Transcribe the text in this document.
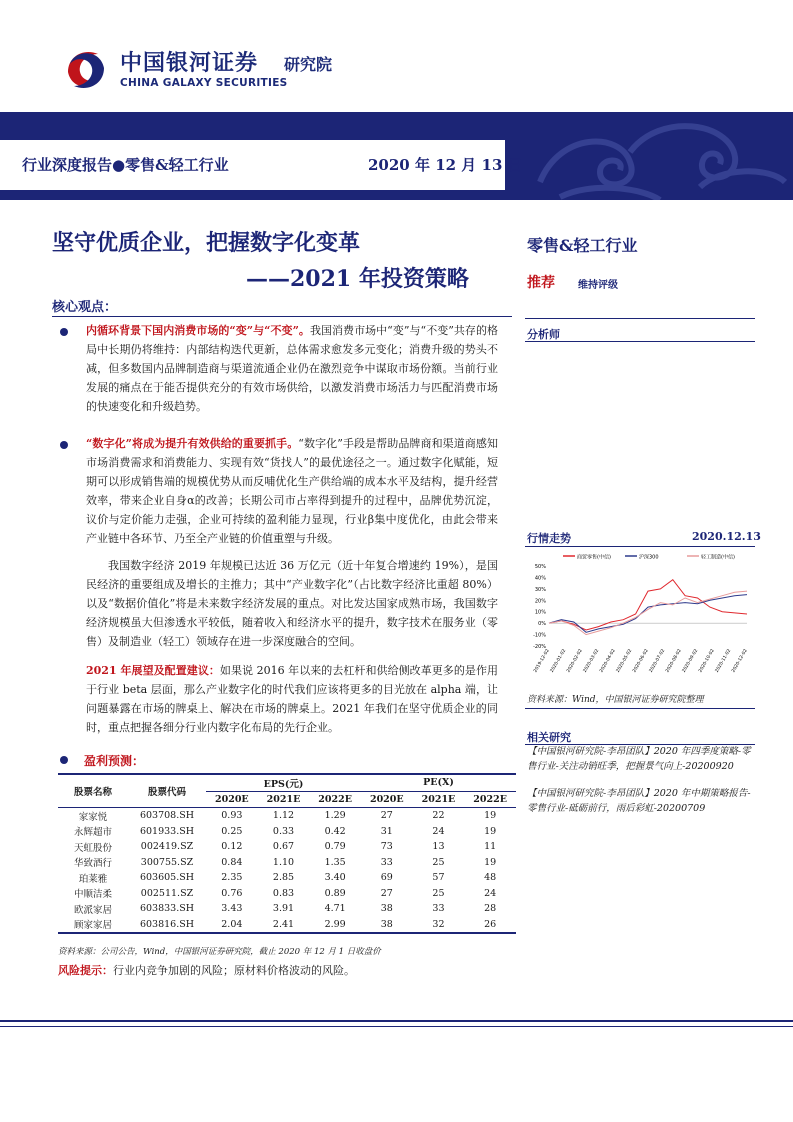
中国银河证券 研究院
CHINA GALAXY SECURITIES
行业深度报告●零售&轻工行业	2020 年 12 月 13 日
坚守优质企业，把握数字化变革
——2021 年投资策略
核心观点：
内循环背景下国内消费市场的“变”与“不变”。我国消费市场中“变”与“不变”共存的格局中长期仍将维持：内部结构迭代更新，总体需求愈发多元变化；消费升级的势头不减，但多数国内品牌制造商与渠道流通企业仍在激烈竞争中谋取市场份额。当前行业发展的痛点在于能否提供充分的有效市场供给，以激发消费市场活力与匹配消费市场的快速变化和升级趋势。
“数字化”将成为提升有效供给的重要抓手。“数字化”手段是帮助品牌商和渠道商感知市场消费需求和消费能力、实现有效“货找人”的最优途径之一。通过数字化赋能，短期可以形成销售端的规模优势从而反哺优化生产供给端的成本水平及结构，提升经营效率，带来企业自身α的改善；长期公司市占率得到提升的过程中，品牌优势沉淀，议价与定价能力走强，企业可持续的盈利能力显现，行业β集中度优化，由此会带来产业链中各环节、乃至全产业链的价值重塑与升级。
我国数字经济 2019 年规模已达近 36 万亿元（近十年复合增速约 19%），是国民经济的重要组成及增长的主推力；其中“产业数字化”（占比数字经济比重超 80%）以及“数据价值化”将是未来数字经济发展的重点。对比发达国家成熟市场，我国数字经济规模虽大但渗透水平较低，随着收入和经济水平的提升，数字技术在服务业（零售）及制造业（轻工）领域存在进一步深度融合的空间。
2021 年展望及配置建议：如果说 2016 年以来的去杠杆和供给侧改革更多的是作用于行业 beta 层面，那么产业数字化的时代我们应该将更多的目光放在 alpha 端，让问题暴露在市场的牌桌上、解决在市场的牌桌上。2021 年我们在坚守优质企业的同时，重点把握各细分行业内数字化布局的先行企业。
盈利预测：
股票名称	股票代码	EPS(元)			PE(X)		
		2020E	2021E	2022E	2020E	2021E	2022E
家家悦	603708.SH	0.93	1.12	1.29	27	22	19
永辉超市	601933.SH	0.25	0.33	0.42	31	24	19
天虹股份	002419.SZ	0.12	0.67	0.79	73	13	11
华致酒行	300755.SZ	0.84	1.10	1.35	33	25	19
珀莱雅	603605.SH	2.35	2.85	3.40	69	57	48
中顺洁柔	002511.SZ	0.76	0.83	0.89	27	25	24
欧派家居	603833.SH	3.43	3.91	4.71	38	33	28
顾家家居	603816.SH	2.04	2.41	2.99	38	32	26
资料来源：公司公告，Wind，中国银河证券研究院，截止 2020 年 12 月 1 日收盘价
风险提示：行业内竞争加剧的风险；原材料价格波动的风险。
零售&轻工行业
推荐 维持评级
分析师
行情走势	2020.12.13
商贸零售(中信)	沪深300	轻工制造(中信)
50%
40%
30%
20%
10%
0%
-10%
-20%
2019-12-02 2020-01-02 2020-02-02 2020-03-02 2020-04-02 2020-05-02 2020-06-02 2020-07-02 2020-08-02 2020-09-02 2020-10-02 2020-11-02 2020-12-02
资料来源：Wind，中国银河证券研究院整理
相关研究
【中国银河研究院-李昂团队】2020 年四季度策略-零售行业-关注动销旺季，把握景气向上-20200920
【中国银河研究院-李昂团队】2020 年中期策略报告-零售行业-砥砺前行，雨后彩虹-20200709
